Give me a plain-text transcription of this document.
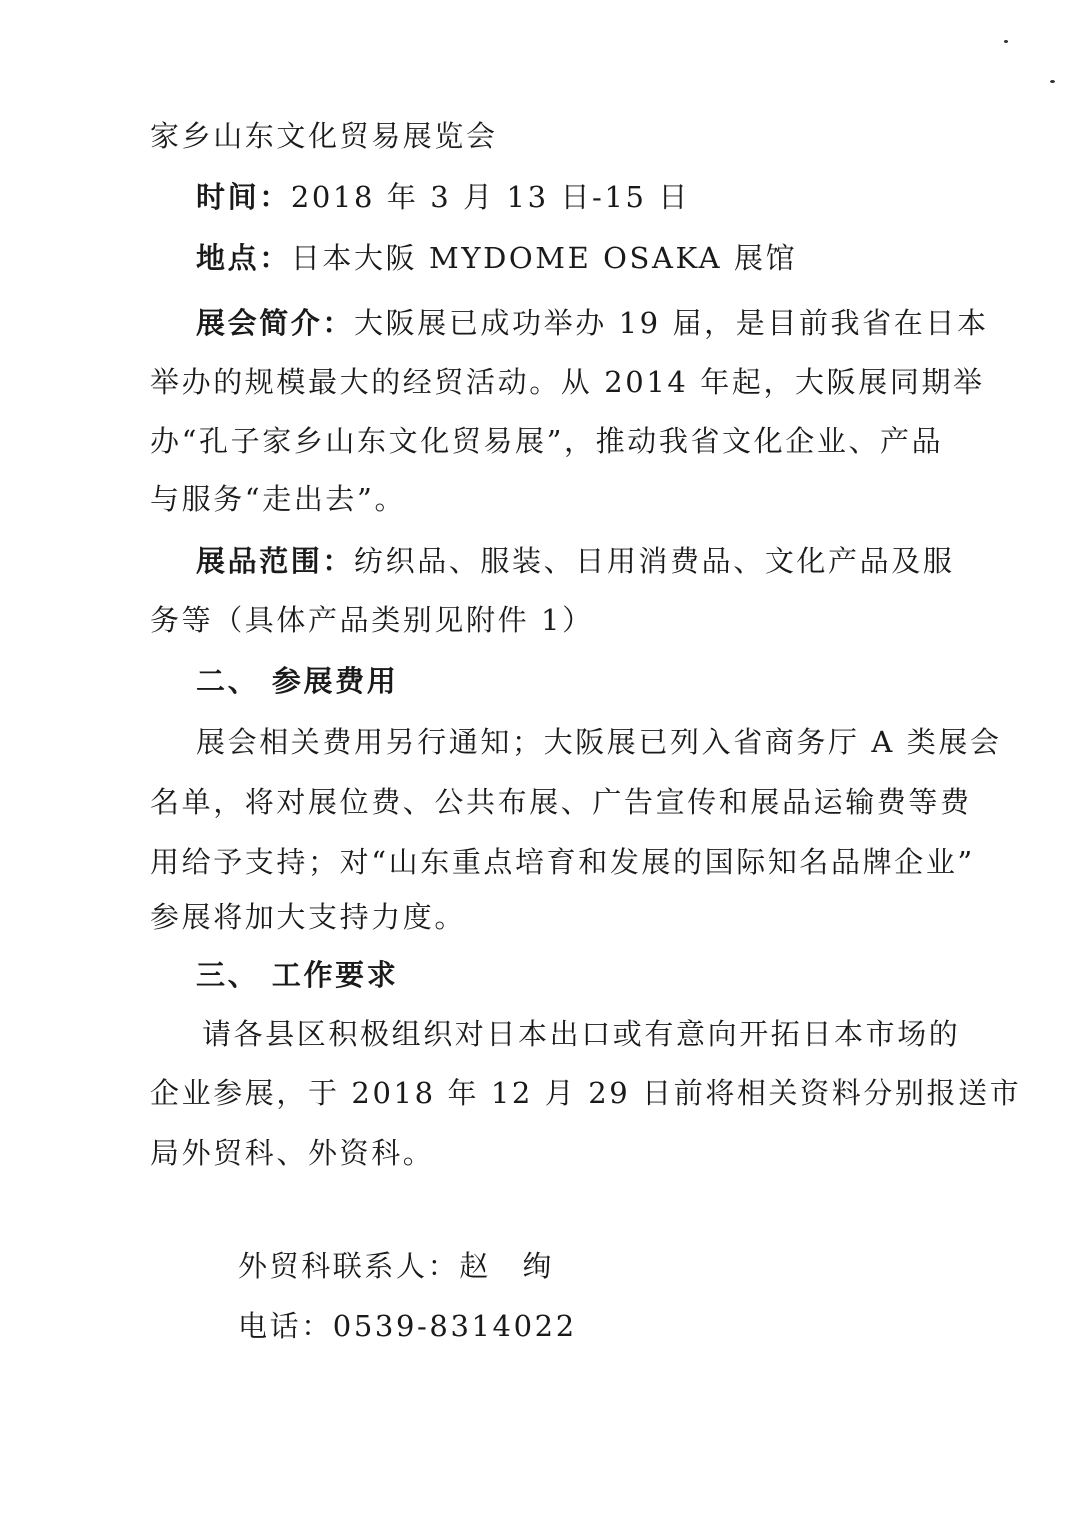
家乡山东文化贸易展览会
时间：2018 年 3 月 13 日-15 日
地点：日本大阪 MYDOME OSAKA 展馆
展会简介：大阪展已成功举办 19 届，是目前我省在日本
举办的规模最大的经贸活动。从 2014 年起，大阪展同期举
办“孔子家乡山东文化贸易展”，推动我省文化企业、产品
与服务“走出去”。
展品范围：纺织品、服装、日用消费品、文化产品及服
务等（具体产品类别见附件 1）
二、 参展费用
展会相关费用另行通知；大阪展已列入省商务厅 A 类展会
名单，将对展位费、公共布展、广告宣传和展品运输费等费
用给予支持；对“山东重点培育和发展的国际知名品牌企业”
参展将加大支持力度。
三、 工作要求
请各县区积极组织对日本出口或有意向开拓日本市场的
企业参展，于 2018 年 12 月 29 日前将相关资料分别报送市
局外贸科、外资科。
外贸科联系人：赵　绚
电话：0539-8314022
